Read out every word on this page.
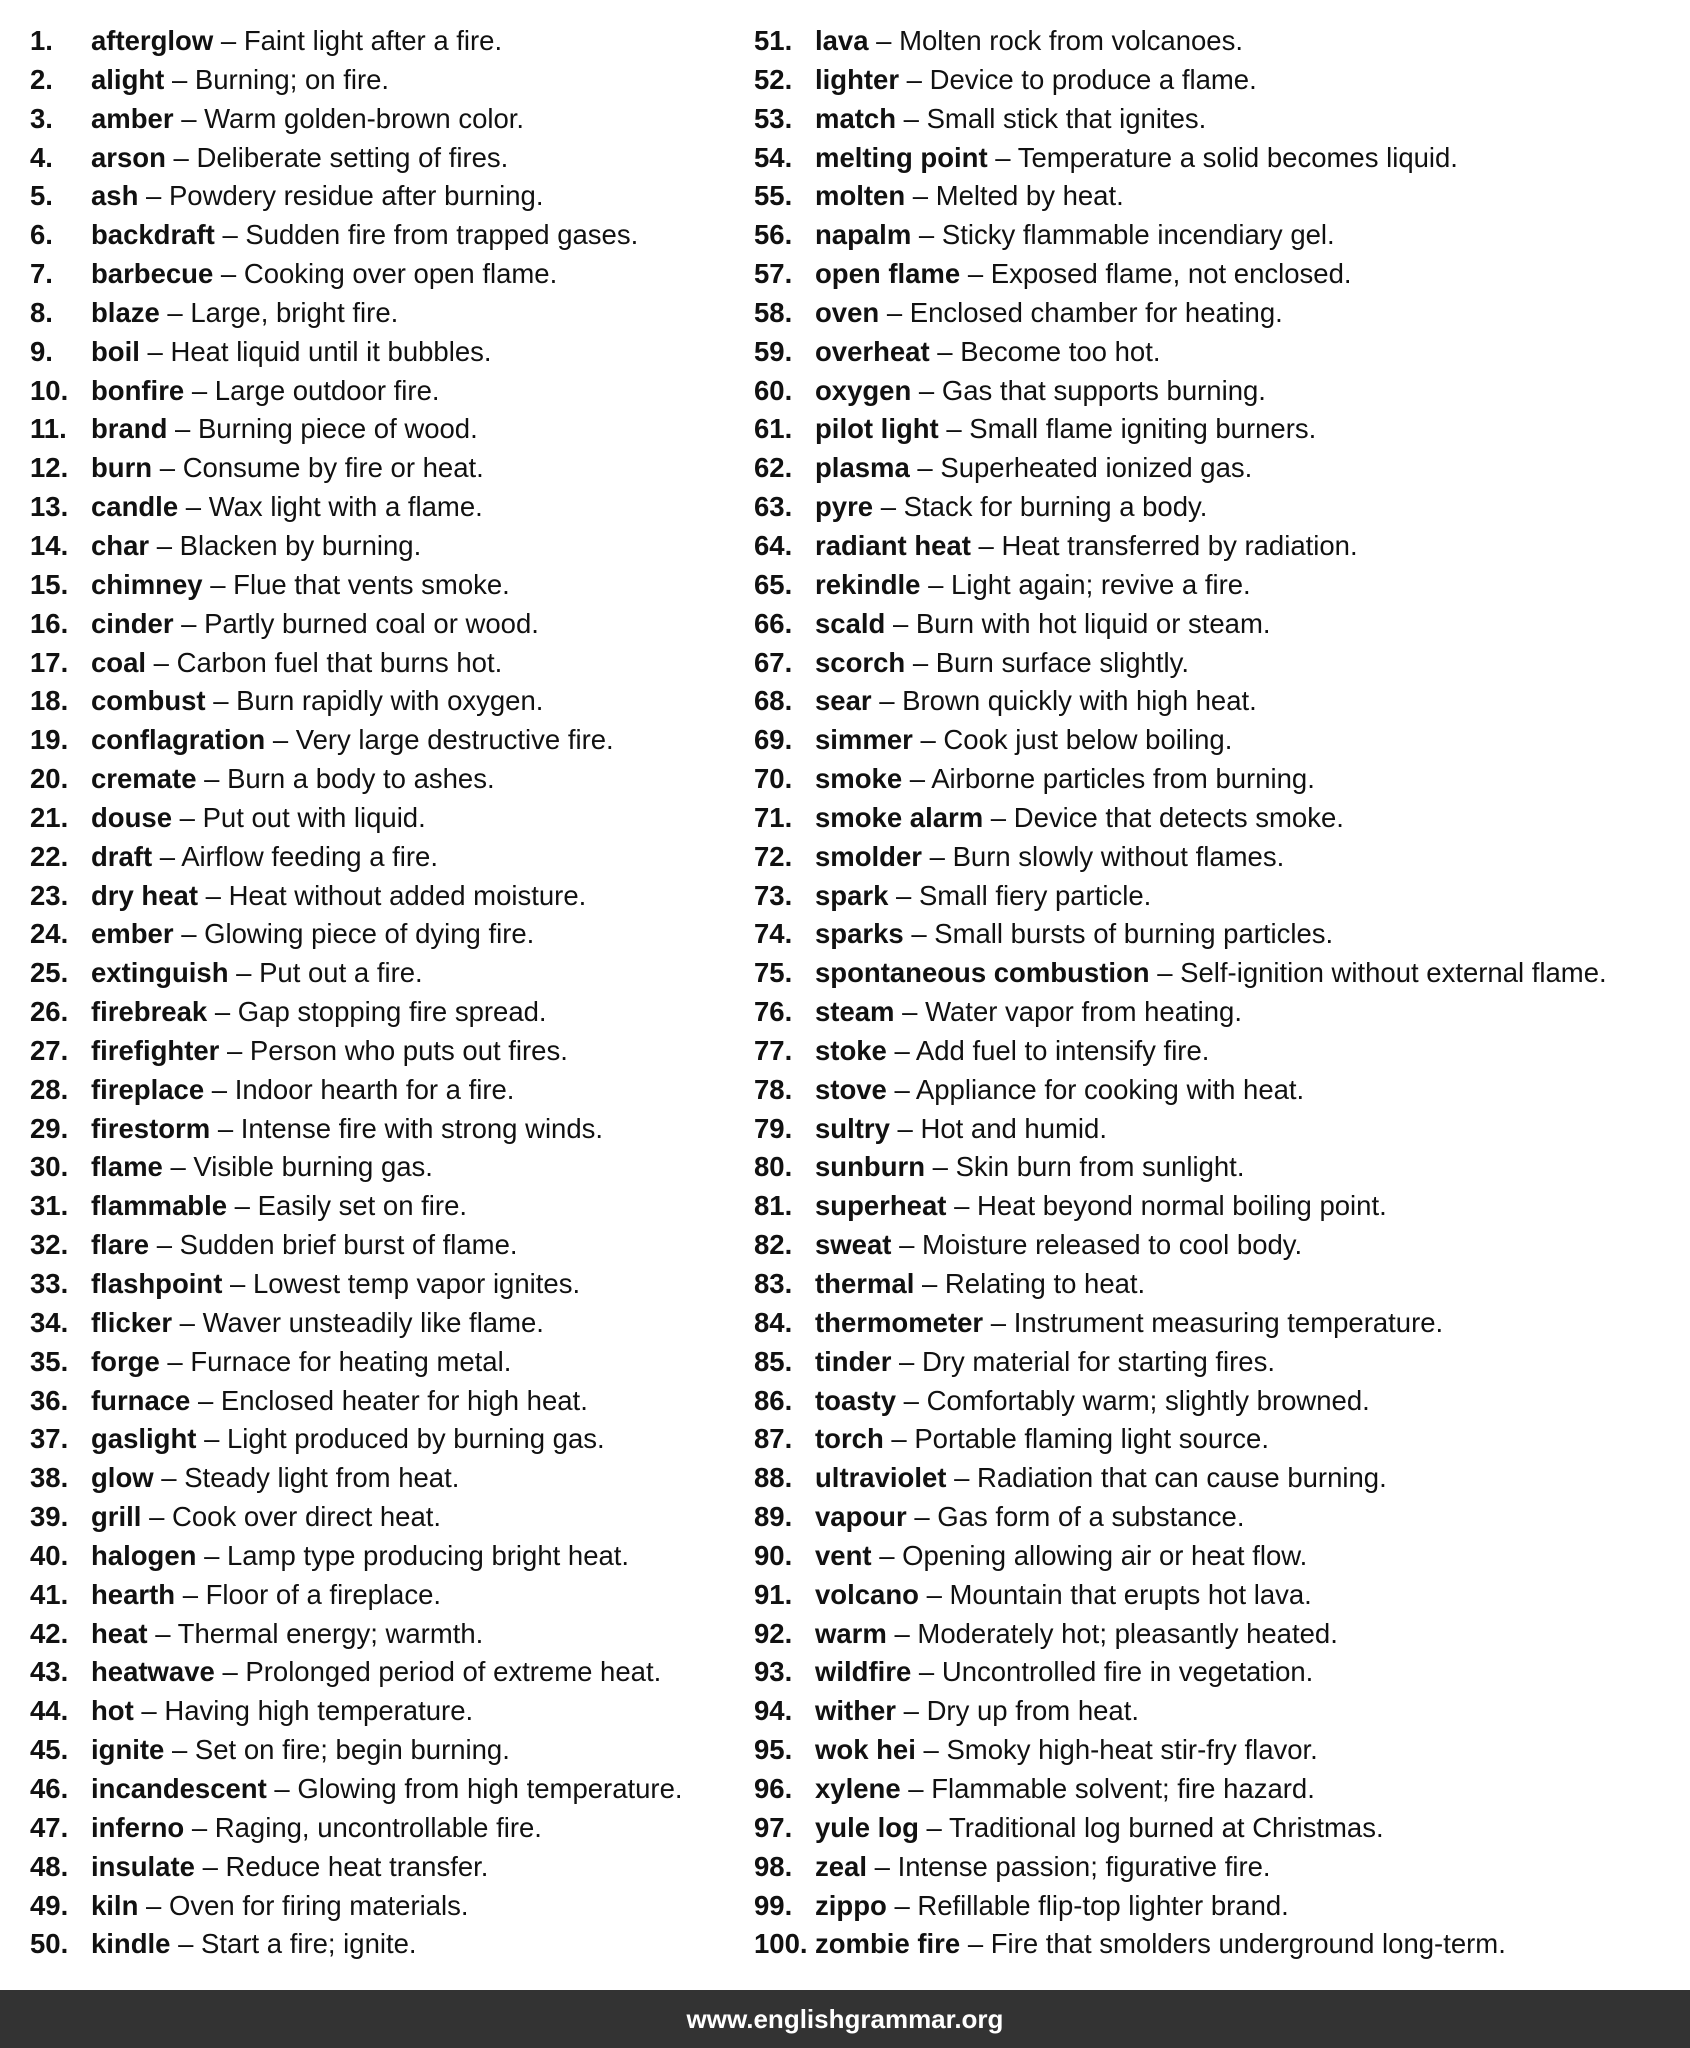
1. afterglow – Faint light after a fire.
2. alight – Burning; on fire.
3. amber – Warm golden-brown color.
4. arson – Deliberate setting of fires.
5. ash – Powdery residue after burning.
6. backdraft – Sudden fire from trapped gases.
7. barbecue – Cooking over open flame.
8. blaze – Large, bright fire.
9. boil – Heat liquid until it bubbles.
10. bonfire – Large outdoor fire.
11. brand – Burning piece of wood.
12. burn – Consume by fire or heat.
13. candle – Wax light with a flame.
14. char – Blacken by burning.
15. chimney – Flue that vents smoke.
16. cinder – Partly burned coal or wood.
17. coal – Carbon fuel that burns hot.
18. combust – Burn rapidly with oxygen.
19. conflagration – Very large destructive fire.
20. cremate – Burn a body to ashes.
21. douse – Put out with liquid.
22. draft – Airflow feeding a fire.
23. dry heat – Heat without added moisture.
24. ember – Glowing piece of dying fire.
25. extinguish – Put out a fire.
26. firebreak – Gap stopping fire spread.
27. firefighter – Person who puts out fires.
28. fireplace – Indoor hearth for a fire.
29. firestorm – Intense fire with strong winds.
30. flame – Visible burning gas.
31. flammable – Easily set on fire.
32. flare – Sudden brief burst of flame.
33. flashpoint – Lowest temp vapor ignites.
34. flicker – Waver unsteadily like flame.
35. forge – Furnace for heating metal.
36. furnace – Enclosed heater for high heat.
37. gaslight – Light produced by burning gas.
38. glow – Steady light from heat.
39. grill – Cook over direct heat.
40. halogen – Lamp type producing bright heat.
41. hearth – Floor of a fireplace.
42. heat – Thermal energy; warmth.
43. heatwave – Prolonged period of extreme heat.
44. hot – Having high temperature.
45. ignite – Set on fire; begin burning.
46. incandescent – Glowing from high temperature.
47. inferno – Raging, uncontrollable fire.
48. insulate – Reduce heat transfer.
49. kiln – Oven for firing materials.
50. kindle – Start a fire; ignite.
51. lava – Molten rock from volcanoes.
52. lighter – Device to produce a flame.
53. match – Small stick that ignites.
54. melting point – Temperature a solid becomes liquid.
55. molten – Melted by heat.
56. napalm – Sticky flammable incendiary gel.
57. open flame – Exposed flame, not enclosed.
58. oven – Enclosed chamber for heating.
59. overheat – Become too hot.
60. oxygen – Gas that supports burning.
61. pilot light – Small flame igniting burners.
62. plasma – Superheated ionized gas.
63. pyre – Stack for burning a body.
64. radiant heat – Heat transferred by radiation.
65. rekindle – Light again; revive a fire.
66. scald – Burn with hot liquid or steam.
67. scorch – Burn surface slightly.
68. sear – Brown quickly with high heat.
69. simmer – Cook just below boiling.
70. smoke – Airborne particles from burning.
71. smoke alarm – Device that detects smoke.
72. smolder – Burn slowly without flames.
73. spark – Small fiery particle.
74. sparks – Small bursts of burning particles.
75. spontaneous combustion – Self-ignition without external flame.
76. steam – Water vapor from heating.
77. stoke – Add fuel to intensify fire.
78. stove – Appliance for cooking with heat.
79. sultry – Hot and humid.
80. sunburn – Skin burn from sunlight.
81. superheat – Heat beyond normal boiling point.
82. sweat – Moisture released to cool body.
83. thermal – Relating to heat.
84. thermometer – Instrument measuring temperature.
85. tinder – Dry material for starting fires.
86. toasty – Comfortably warm; slightly browned.
87. torch – Portable flaming light source.
88. ultraviolet – Radiation that can cause burning.
89. vapour – Gas form of a substance.
90. vent – Opening allowing air or heat flow.
91. volcano – Mountain that erupts hot lava.
92. warm – Moderately hot; pleasantly heated.
93. wildfire – Uncontrolled fire in vegetation.
94. wither – Dry up from heat.
95. wok hei – Smoky high-heat stir-fry flavor.
96. xylene – Flammable solvent; fire hazard.
97. yule log – Traditional log burned at Christmas.
98. zeal – Intense passion; figurative fire.
99. zippo – Refillable flip-top lighter brand.
100. zombie fire – Fire that smolders underground long-term.
www.englishgrammar.org
